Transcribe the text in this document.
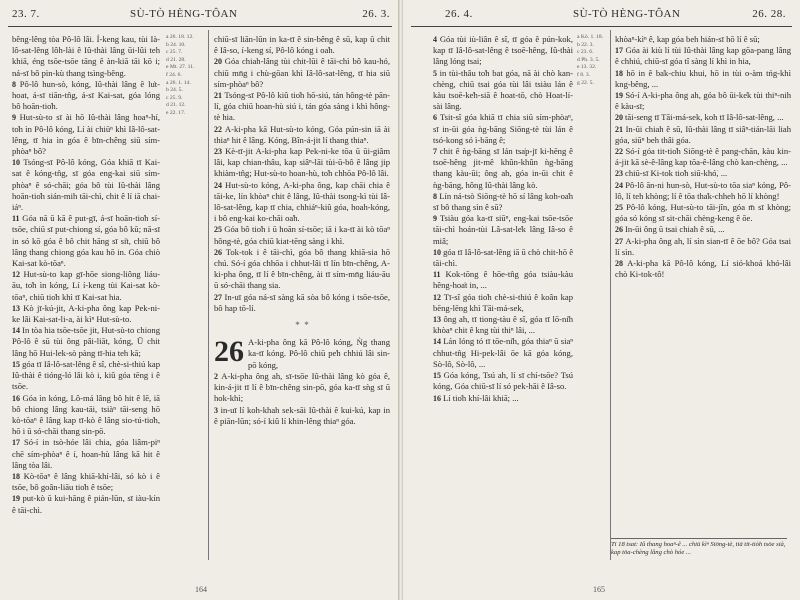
23. 7.	SÙ-TÒ HÈNG-TÔAN	26. 3.

bêng-lêng tòa Pô-lô lâi. Í-keng kau, tùi Ià-lô-sat-lêng lôh-lài ê Iû-thài lâng ūi-lûi teh khiā, éng tsōe-tsōe tāng ê àn-kiā tāi kō i; ná-sī bô pìn-kù thang tsìng-bêng.

8 Pô-lô hun-sò, kóng, Iû-thài lâng ê lu̍t-hoat, á-sī tiān-tn̂g, á-sī Kai-sat, góa lóng bô hoān-tio̍h.

9 Hut-sù-to sī ài hō Iû-thài lâng hoaⁿ-hí, to̍h ìn Pô-lô kóng, Lí ài chiūⁿ khì Iâ-lô-sat-lêng, tī hia ìn góa ê bīn-chêng siū sím-phòaⁿ bô?

10 Tsóng-sī Pô-lô kóng, Góa khiā tī Kai-sat ê kóng-tn̂g, sī góa eng-kai siū sím-phòaⁿ ê só-chāi; góa bô tùi Iû-thài lâng hoān-tio̍h sián-mih tāi-chì, chit ê lí iā chai-iáⁿ.

11 Góa nā ū kā ê put-gī, á-sī hoān-tio̍h sí-tsōe, chiū sī put-chiong sí, góa bô kū; nā-sī in só kō góa ê bô chit hāng sī si̍t, chiū bô lâng thang chiong góa kau hō in. Góa chiò Kai-sat kò-tōaⁿ.

12 Hut-sù-to kap gī-hōe siong-liông liáu-āu, to̍h ìn kóng, Lí í-keng tùi Kai-sat kò-tōaⁿ, chiū tio̍h khì tī Kai-sat hia.

13 Kò jī-kú-jit, A-ki-pha ông kap Pek-ni-ke lâi Kai-sat-li-a, ài kìⁿ Hut-sù-to.

14 In tòa hia tsōe-tsōe jit, Hut-sù-to chiong Pô-lô ê sū tùi ông pâi-liāt, kóng, Ū chit lâng hō Hui-lek-sò pàng tī-hia teh kā;

15 góa tī Iâ-lô-sat-lêng ê sî, chè-si-thiú kap Iû-thài ê tióng-ló lâi kò i, kiû góa tēng i ê tsōe.

16 Góa ìn kóng, Lô-má lâng bô hit ê lē, iā bô chiong lâng kau-tāi, tsiàⁿ tāi-seng hō kò-tōaⁿ ê lâng kap tī-kò ê lâng sio-tú-tio̍h, hō i ū só-chāi thang sin-pō.

17 Só-í in tsò-hóe lâi chia, góa liâm-piⁿ chē sím-phòaⁿ ê í, hoan-hù lâng kā hit ê lâng tòa lâi.

18 Kò-tōaⁿ ê lâng khiā-khí-lâi, só kò i ê tsōe, bô goân-liāu tio̍h ê tsōe;

19 put-kò ū kui-hāng ê pián-lūn, sī iàu-kín ê tāi-chì.

a 26. 18. 12.
b 24. 10.
c 25. 7.
d 21. 28.
e Mt. 27. 11.
f 24. 6.
a 26. 1. 14.
b 24. 5.
c 25. 9.
d 21. 12.
e 22. 17.

chiū-sī liān-lūn in ka-tī ê sin-bêng ê sū, kap ū chit ê Iâ-so, í-keng sí, Pô-lô kóng i oa̍h.

20 Góa chiah-lâng tùi chit-lūi ê tāi-chì bô kau-hó, chiū mn̄g i chù-gōan khì Iâ-lô-sat-lêng, tī hia siū sím-phòaⁿ bô?

21 Tsóng-sī Pô-lô kiû tio̍h hō-siú, tán hông-tè pān-lí, góa chiū hoan-hù siú i, tán góa sàng i khì hông-tè hia.

22 A-ki-pha kā Hut-sù-to kóng, Góa pún-sin iā ài thiaⁿ hit ê lâng. Kóng, Bîn-á-jit lí thang thiaⁿ.

23 Kè-tī-jit A-ki-pha kap Pek-ni-ke tōa ū ūi-giâm lâi, kap chian-thâu, kap siâⁿ-lāi tùi-ū-bô ê lâng jip khiàm-tn̂g; Hut-sù-to hoan-hù, to̍h chhōa Pô-lô lâi.

24 Hut-sù-to kóng, A-ki-pha ông, kap chāi chia ê tāi-ke, lín khòaⁿ chit ê lâng, Iû-thài tsong-kì tùi Iâ-lô-sat-lêng, kap tī chia, chhiáⁿ-kiû góa, hoah-kóng, i bô eng-kai ko-chāi oa̍h.

25 Góa bô tio̍h i ū hoān sí-tsōe; iā i ka-tī ài kò tōaⁿ hông-tè, góa chiū kiat-tēng sàng i khì.

26 Tok-tok i ê tāi-chì, góa bô thang khiā-sia hō chú. Só-í góa chhōa i chhut-lâi tī lín bīn-chêng, A-ki-pha ông, tī lí ê bīn-chêng, ài tī sím-mn̄g liáu-āu ū só-chāi thang sia.

27 In-uī góa ná-sī sàng kā sòa bô kóng i tsōe-tsōe, bô hap tō-lí.

*  *
26 A-ki-pha ông kā Pô-lô kóng, Ǹg thang ka-tī kóng. Pô-lô chiū pe̍h chhiú lâi sin-pō kóng,

2 A-ki-pha ông ah, sī-tsōe Iû-thài lâng kò góa ê, kin-á-jit tī lí ê bīn-chêng sin-pō, góa ka-tī sǹg sī ū hok-khì;

3 in-uī lí koh-khah sek-sāi Iû-thài ê kui-kú, kap in ê piān-lūn; só-í kiû lí khin-lêng thiaⁿ góa.

164
26. 4.	SÙ-TÒ HÈNG-TÔAN	26. 28.

4 Góa tùi iù-liân ê sî, tī góa ê pún-kok, kap tī Iâ-lô-sat-lêng ê tsoē-hêng, Iû-thài lâng lóng tsai;

5 in tùi-thâu to̍h bat góa, nā ài chò kan-chèng, chiū tsai góa tùi lâi tsiàu lán ê kàu tsoē-ke̍h-siā ê hoat-tō, chò Hoat-lí-sài lâng.

6 Tsit-sî góa khiā tī chia siū sím-phòaⁿ, sī in-ūi góa ǹg-bāng Siōng-tè tùi lán ê tsó-kong só ì-bāng ê;

7 chit ê ǹg-bāng sī lán tsa̍p-jī ki-hēng ê tsoē-hêng jit-mê khûn-khûn ǹg-bāng thang kàu-ūi; ông ah, góa in-ūi chit ê ǹg-bāng, hông Iû-thài lâng kò.

8 Lín ná-tsò Siōng-tè hō sí lâng koh-oa̍h sī bô thang sìn ê sū?

9 Tsiàu góa ka-tī siūⁿ, eng-kai tsōe-tsōe tāi-chì hoán-tùi Lâ-sat-le̍k lâng Iâ-so ê miâ;

10 góa tī Iâ-lô-sat-lêng iā ū chò chit-hō ê tāi-chì.

11 Kok-tōng ê hōe-tn̂g góa tsiàu-kàu hêng-hoa̍t in, ...

12 Tī-sî góa tio̍h chè-si-thiú ê koân kap bēng-lēng khì Tāi-má-sek,

13 ông ah, tī tiong-tàu ê sî, góa tī lō-ni̍h khòaⁿ chit ê kng tùi thiⁿ lâi, ...

14 Lán lóng tó tī tōe-ni̍h, góa thiaⁿ ū siaⁿ chhut-tn̂g Hi-pek-lâi ōe kā góa kóng, Sò-lô, Sò-lô, ...

15 Góa kóng, Tsú ah, lí sī chí-tsōe? Tsú kóng, Góa chiū-sī lí só pek-hāi ê Iâ-so.

16 Lí tio̍h khí-lâi khiā; ...

a Kó. 1. 18.
b 22. 3.
c 23. 6.
d Ph. 3. 5.
e 13. 32.
f 8. 3.
g 22. 5.

khòaⁿ-kìⁿ ê, kap góa beh hián-sī hō lí ê sū;

17 Góa ài kiù lí tùi Iû-thài lâng kap gōa-pang lâng ê chhiú, chiū-sī góa tî sàng lí khì in hia,

18 hō in ê ba̍k-chiu khui, hō in tùi o-àm tńg-khì kng-bêng, ...

19 Só-í A-ki-pha ông ah, góa bô ūi-ke̍k tùi thiⁿ-nih ê kàu-sī;

20 tāi-seng tī Tāi-má-sek, koh tī Iâ-lô-sat-lêng, ...

21 In-ūi chiah ê sū, Iû-thài lâng tī siâⁿ-tián-lāi liah góa, siūⁿ beh thâi góa.

22 Só-í góa tit-tio̍h Siōng-tè ê pang-chān, kàu kin-á-jit kā sè-ê-lâng kap tōa-ê-lâng chò kan-chèng, ...

23 chiū-sī Ki-tok tio̍h siū-khó͘, ...

24 Pô-lô ān-ni hun-sò, Hut-sù-to tōa siaⁿ kóng, Pô-lô, lí teh khòng; lí ê tōa tha̍k-chheh hō lí khòng!

25 Pô-lô kóng, Hut-sù-to tāi-jîn, góa m̄ sī khòng; góa só kóng sī sit-chāi chèng-keng ê ōe.

26 In-ūi ông ū tsai chiah ê sū, ...

27 A-ki-pha ông ah, lí sìn sian-tī ê ōe bô? Góa tsai lí sìn.

28 A-ki-pha kā Pô-lô kóng, Lí sió-khoá khó-lâi chò Ki-tok-tô͘!

Tī 18 tsat: Iû thang hoaⁿ-ê ... chiū kìⁿ Siōng-tè, tiā tit-tio̍h tsōe sià, kap tōa-chèng lâng chò hóe ...
165
